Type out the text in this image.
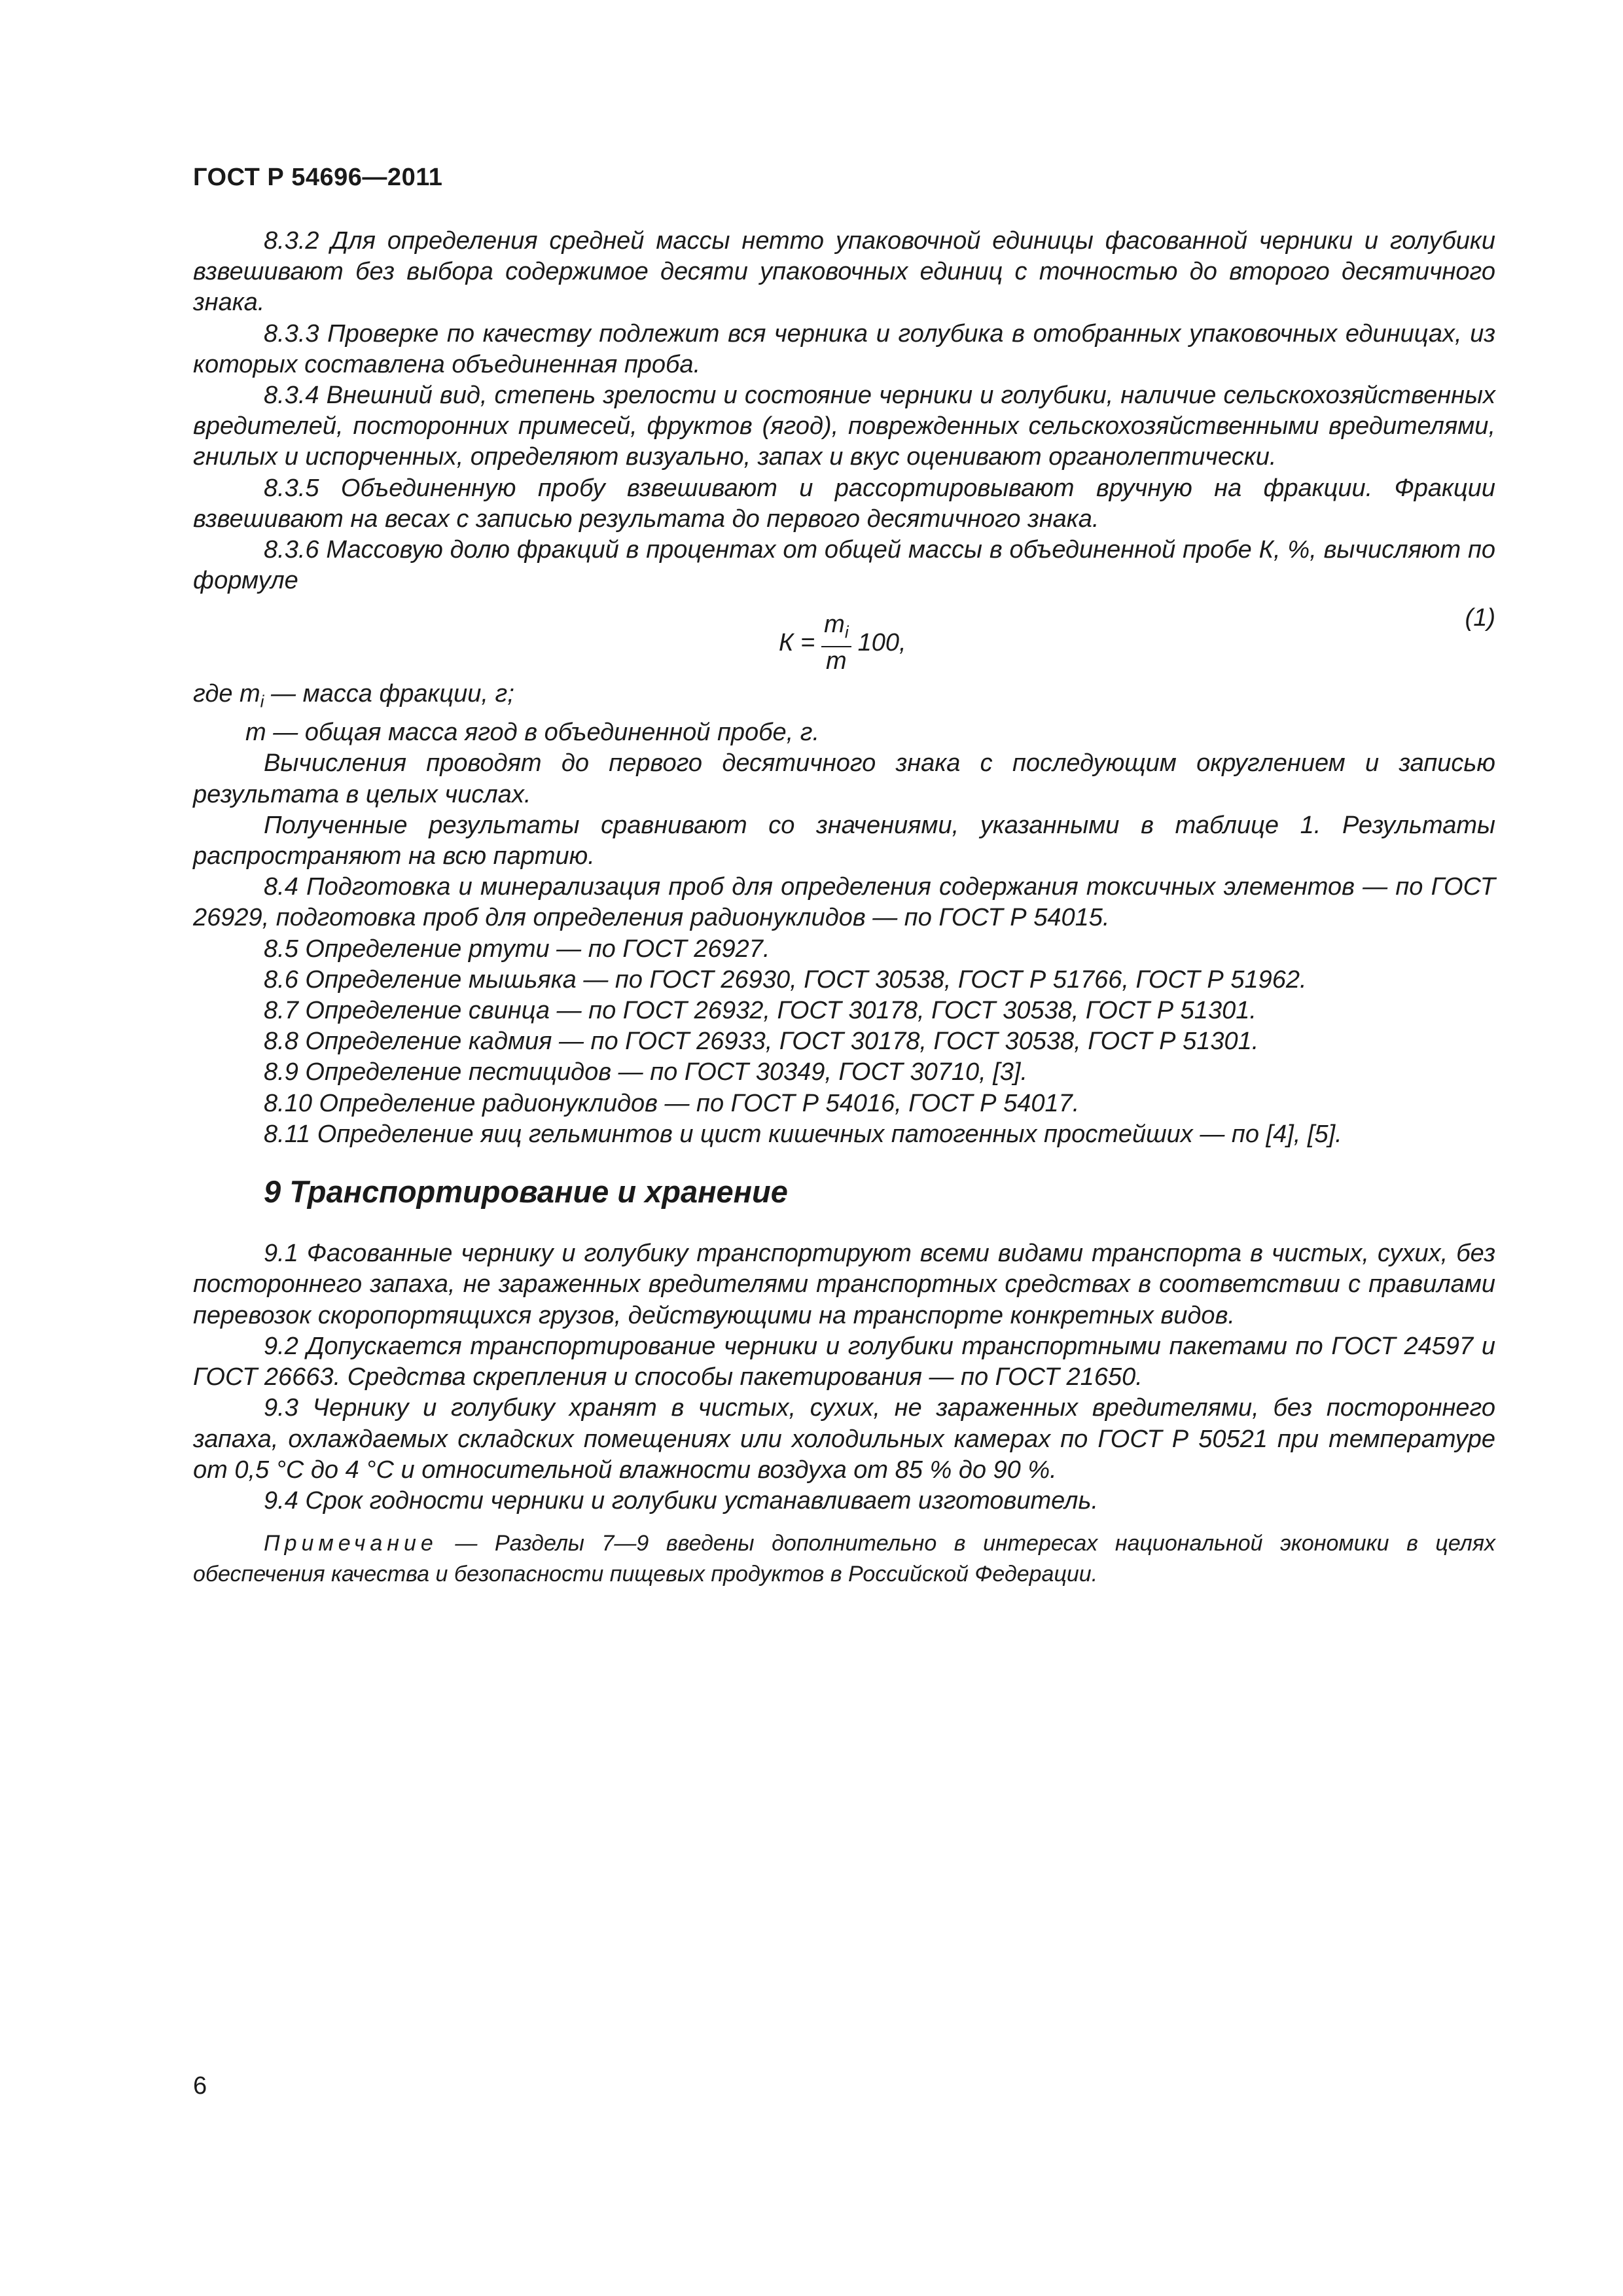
ГОСТ Р 54696—2011

8.3.2 Для определения средней массы нетто упаковочной единицы фасованной черники и голубики взвешивают без выбора содержимое десяти упаковочных единиц с точностью до второго десятичного знака.

8.3.3 Проверке по качеству подлежит вся черника и голубика в отобранных упаковочных единицах, из которых составлена объединенная проба.

8.3.4 Внешний вид, степень зрелости и состояние черники и голубики, наличие сельскохозяйственных вредителей, посторонних примесей, фруктов (ягод), поврежденных сельскохозяйственными вредителями, гнилых и испорченных, определяют визуально, запах и вкус оценивают органолептически.

8.3.5 Объединенную пробу взвешивают и рассортировывают вручную на фракции. Фракции взвешивают на весах с записью результата до первого десятичного знака.

8.3.6 Массовую долю фракций в процентах от общей массы в объединенной пробе К, %, вычисляют по формуле

$К = \frac{m_i}{m} 100$,
(1)

где $m_i$ — масса фракции, г;

m — общая масса ягод в объединенной пробе, г.

Вычисления проводят до первого десятичного знака с последующим округлением и записью результата в целых числах.

Полученные результаты сравнивают со значениями, указанными в таблице 1. Результаты распространяют на всю партию.

8.4 Подготовка и минерализация проб для определения содержания токсичных элементов — по ГОСТ 26929, подготовка проб для определения радионуклидов — по ГОСТ Р 54015.

8.5 Определение ртути — по ГОСТ 26927.

8.6 Определение мышьяка — по ГОСТ 26930, ГОСТ 30538, ГОСТ Р 51766, ГОСТ Р 51962.

8.7 Определение свинца — по ГОСТ 26932, ГОСТ 30178, ГОСТ 30538, ГОСТ Р 51301.

8.8 Определение кадмия — по ГОСТ 26933, ГОСТ 30178, ГОСТ 30538, ГОСТ Р 51301.

8.9 Определение пестицидов — по ГОСТ 30349, ГОСТ 30710, [3].

8.10 Определение радионуклидов — по ГОСТ Р 54016, ГОСТ Р 54017.

8.11 Определение яиц гельминтов и цист кишечных патогенных простейших — по [4], [5].

9 Транспортирование и хранение

9.1 Фасованные чернику и голубику транспортируют всеми видами транспорта в чистых, сухих, без постороннего запаха, не зараженных вредителями транспортных средствах в соответствии с правилами перевозок скоропортящихся грузов, действующими на транспорте конкретных видов.

9.2 Допускается транспортирование черники и голубики транспортными пакетами по ГОСТ 24597 и ГОСТ 26663. Средства скрепления и способы пакетирования — по ГОСТ 21650.

9.3 Чернику и голубику хранят в чистых, сухих, не зараженных вредителями, без постороннего запаха, охлаждаемых складских помещениях или холодильных камерах по ГОСТ Р 50521 при температуре от 0,5 °С до 4 °С и относительной влажности воздуха от 85 % до 90 %.

9.4 Срок годности черники и голубики устанавливает изготовитель.

Примечание — Разделы 7—9 введены дополнительно в интересах национальной экономики в целях обеспечения качества и безопасности пищевых продуктов в Российской Федерации.

6
